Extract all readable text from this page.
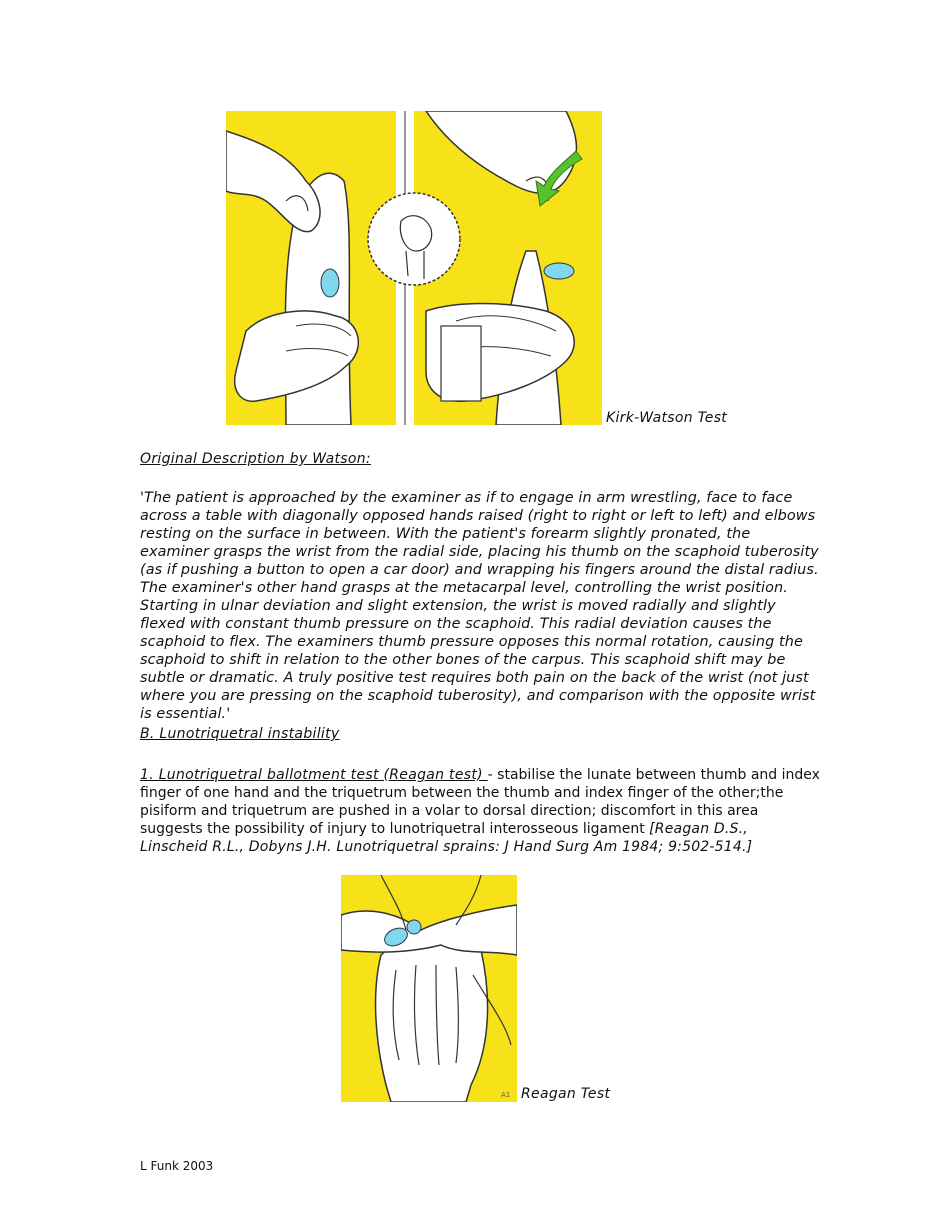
Kirk-Watson Test
Original Description by Watson:
'The patient is approached by the examiner as if to engage in arm wrestling, face to face across a table with diagonally opposed hands raised (right to right or left to left) and elbows resting on the surface in between. With the patient's forearm slightly pronated, the examiner grasps the wrist from the radial side, placing his thumb on the scaphoid tuberosity (as if pushing a button to open a car door) and wrapping his fingers around the distal radius. The examiner's other hand grasps at the metacarpal level, controlling the wrist position. Starting in ulnar deviation and slight extension, the wrist is moved radially and slightly flexed with constant thumb pressure on the scaphoid. This radial deviation causes the scaphoid to flex. The examiners thumb pressure opposes this normal rotation, causing the scaphoid to shift in relation to the other bones of the carpus. This scaphoid shift may be subtle or dramatic. A truly positive test requires both pain on the back of the wrist (not just where you are pressing on the scaphoid tuberosity), and comparison with the opposite wrist is essential.'
B. Lunotriquetral instability
1. Lunotriquetral ballotment test (Reagan test) - stabilise the lunate between thumb and index finger of one hand and the triquetrum between the thumb and index finger of the other;the pisiform and triquetrum are pushed in a volar to dorsal direction; discomfort in this area suggests the possibility of injury to lunotriquetral interosseous ligament [Reagan D.S., Linscheid R.L., Dobyns J.H. Lunotriquetral sprains: J Hand Surg Am 1984; 9:502-514.]
A1 Reagan Test
L Funk 2003
